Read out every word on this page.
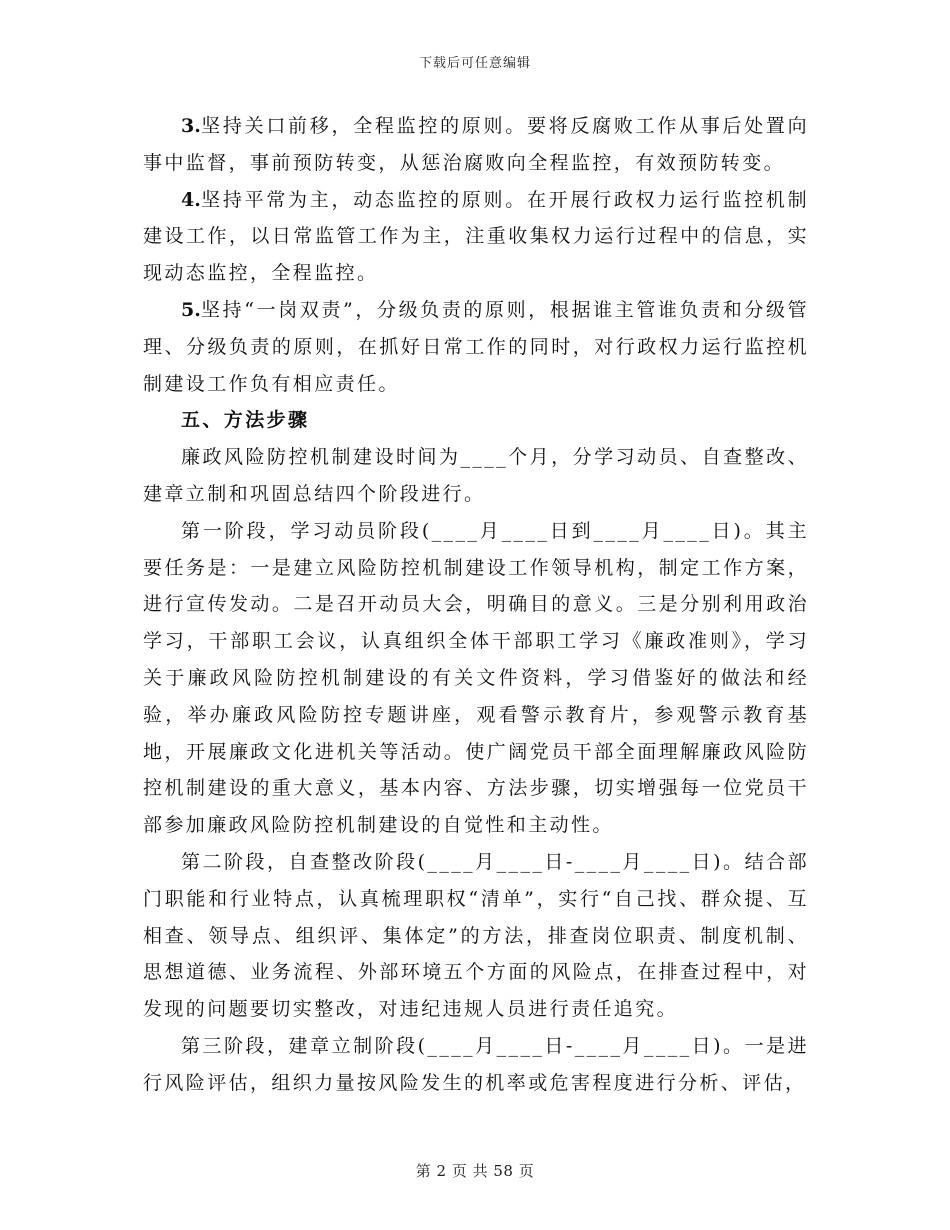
下载后可任意编辑

3.坚持关口前移，全程监控的原则。要将反腐败工作从事后处置向事中监督，事前预防转变，从惩治腐败向全程监控，有效预防转变。

4.坚持平常为主，动态监控的原则。在开展行政权力运行监控机制建设工作，以日常监管工作为主，注重收集权力运行过程中的信息，实现动态监控，全程监控。

5.坚持“一岗双责”，分级负责的原则，根据谁主管谁负责和分级管理、分级负责的原则，在抓好日常工作的同时，对行政权力运行监控机制建设工作负有相应责任。

五、方法步骤

廉政风险防控机制建设时间为____个月，分学习动员、自查整改、建章立制和巩固总结四个阶段进行。

第一阶段，学习动员阶段(____月____日到____月____日)。其主要任务是：一是建立风险防控机制建设工作领导机构，制定工作方案，进行宣传发动。二是召开动员大会，明确目的意义。三是分别利用政治学习，干部职工会议，认真组织全体干部职工学习《廉政准则》，学习关于廉政风险防控机制建设的有关文件资料，学习借鉴好的做法和经验，举办廉政风险防控专题讲座，观看警示教育片，参观警示教育基地，开展廉政文化进机关等活动。使广阔党员干部全面理解廉政风险防控机制建设的重大意义，基本内容、方法步骤，切实增强每一位党员干部参加廉政风险防控机制建设的自觉性和主动性。

第二阶段，自查整改阶段(____月____日-____月____日)。结合部门职能和行业特点，认真梳理职权“清单”，实行“自己找、群众提、互相查、领导点、组织评、集体定”的方法，排查岗位职责、制度机制、思想道德、业务流程、外部环境五个方面的风险点，在排查过程中，对发现的问题要切实整改，对违纪违规人员进行责任追究。

第三阶段，建章立制阶段(____月____日-____月____日)。一是进行风险评估，组织力量按风险发生的机率或危害程度进行分析、评估，

第 2 页 共 58 页
